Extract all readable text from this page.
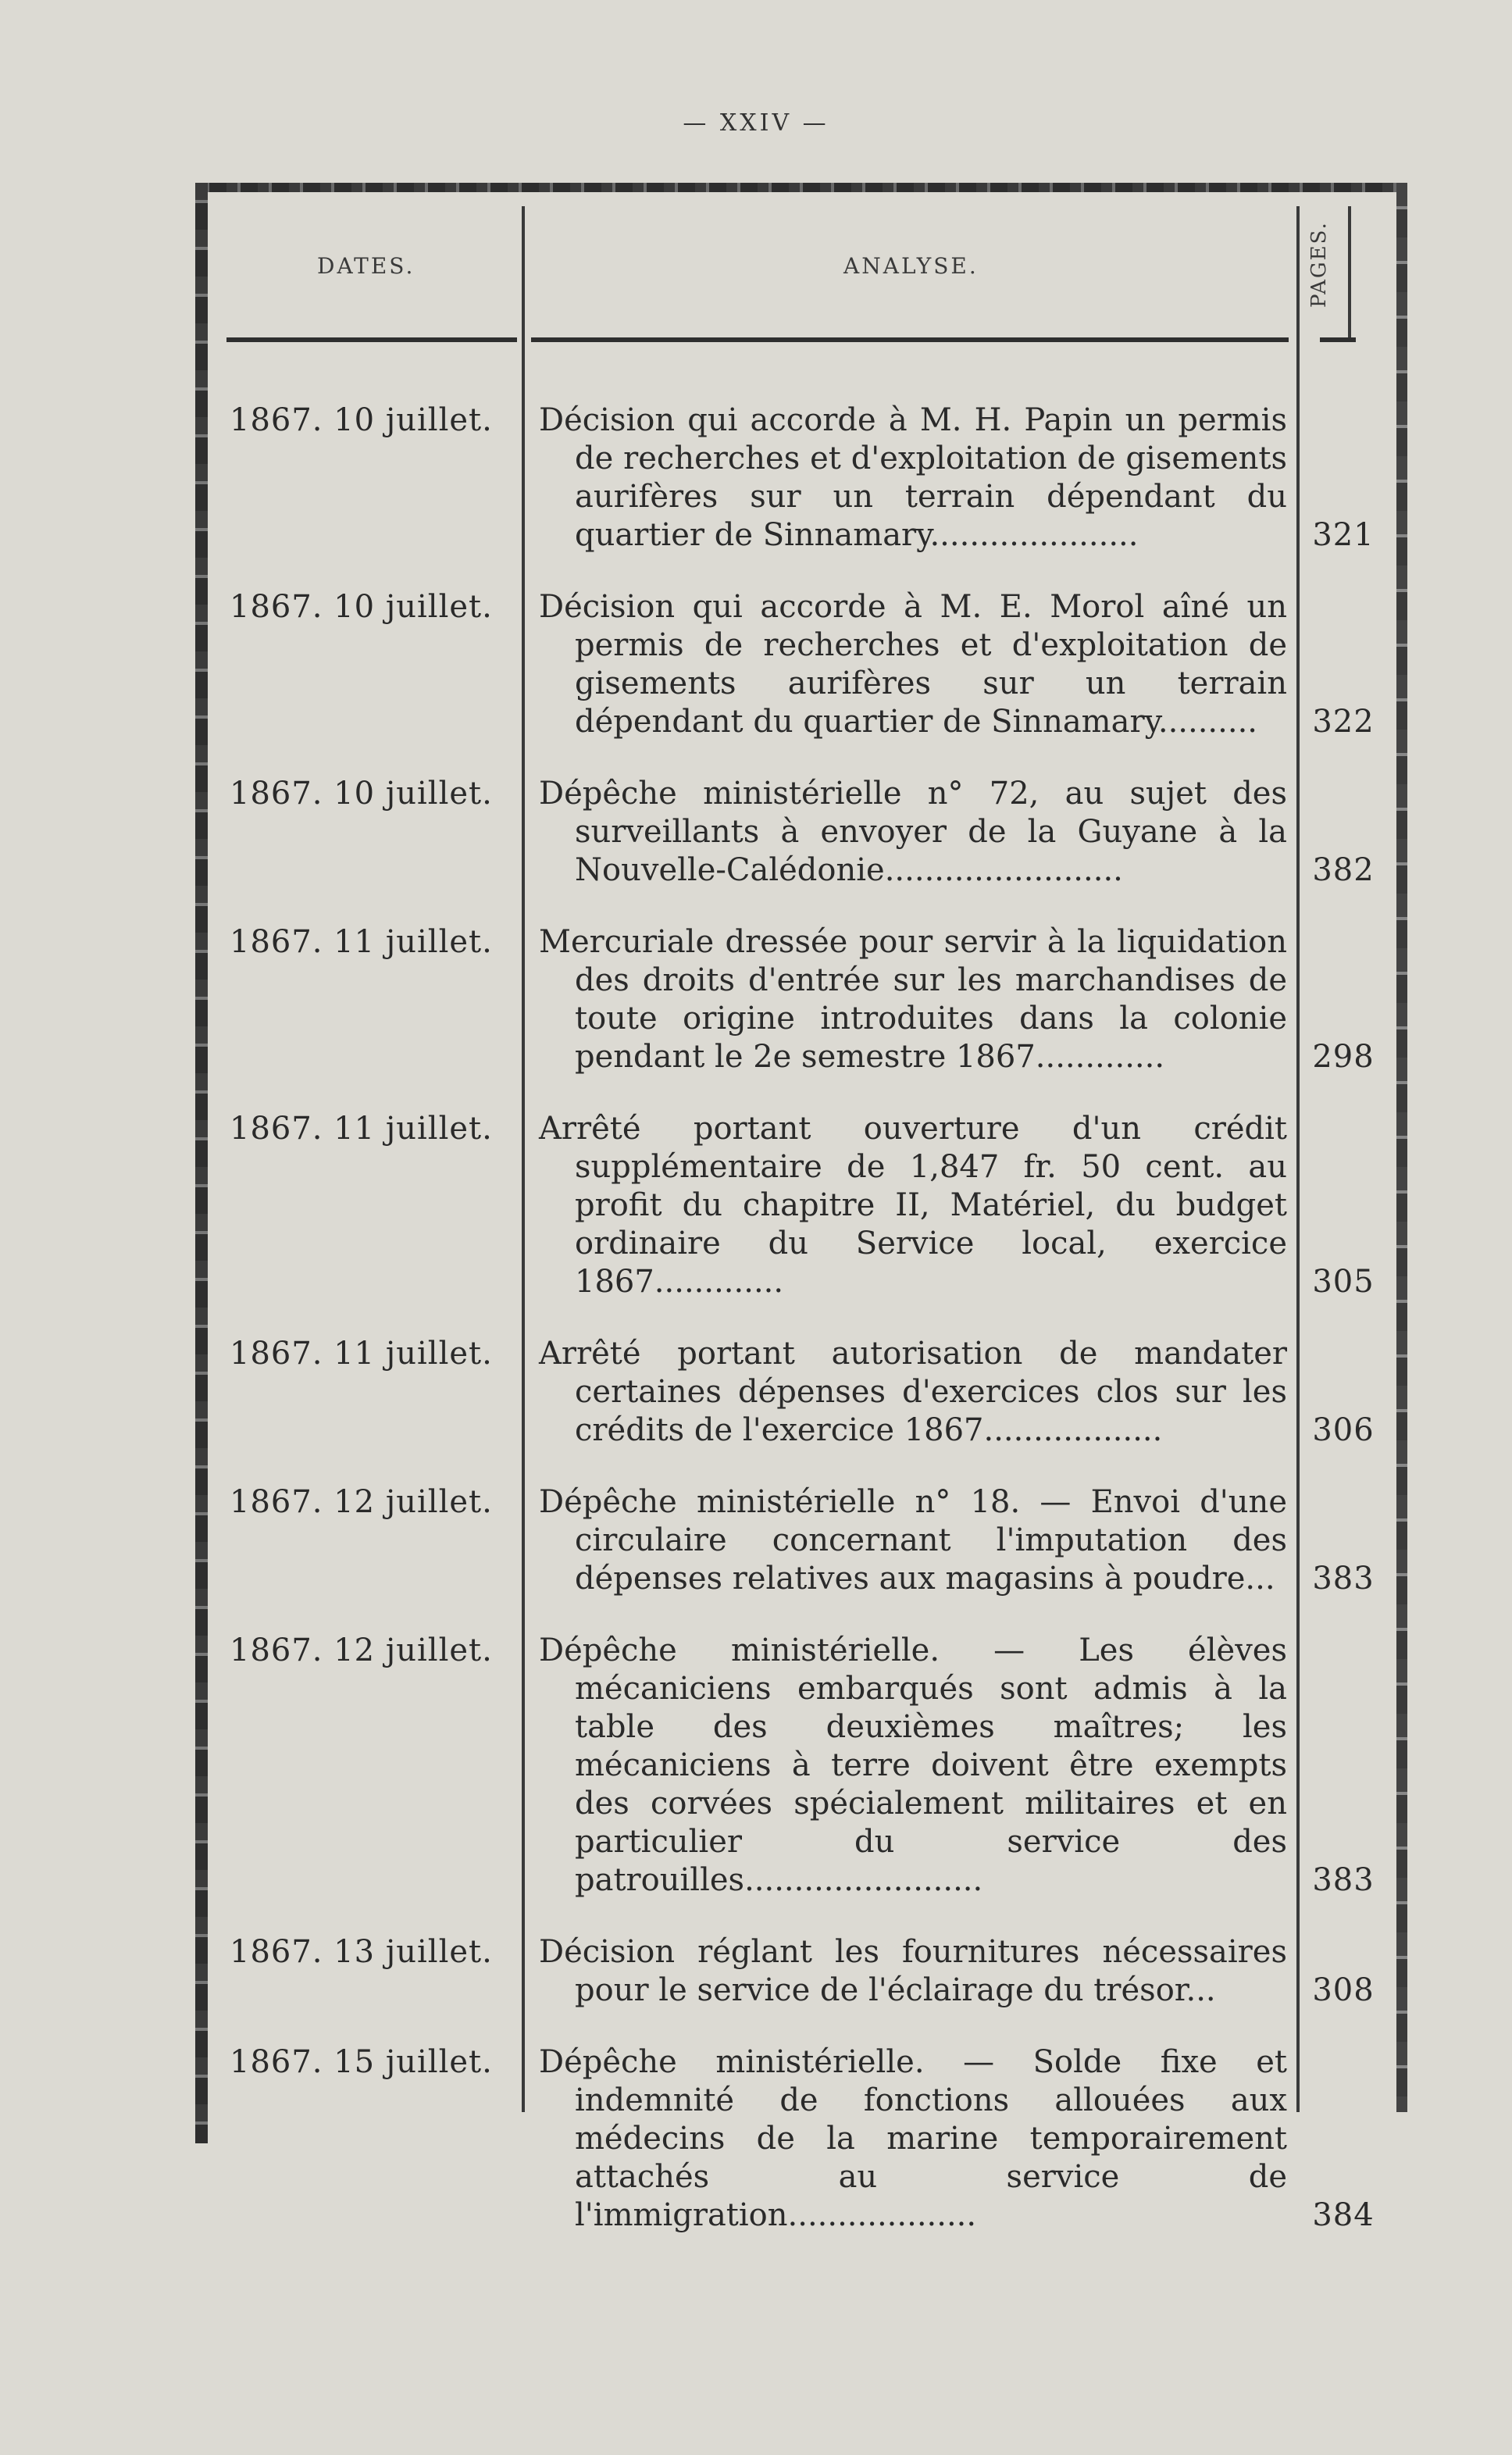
— XXIV —
DATES.	ANALYSE.	PAGES.
1867. 10 juillet.	Décision qui accorde à M. H. Papin un permis de recherches et d'exploitation de gisements aurifères sur un terrain dépendant du quartier de Sinnamary.....................	321
1867. 10 juillet.	Décision qui accorde à M. E. Morol aîné un permis de recherches et d'exploitation de gisements aurifères sur un terrain dépendant du quartier de Sinnamary..........	322
1867. 10 juillet.	Dépêche ministérielle n° 72, au sujet des surveillants à envoyer de la Guyane à la Nouvelle-Calédonie........................	382
1867. 11 juillet.	Mercuriale dressée pour servir à la liquidation des droits d'entrée sur les marchandises de toute origine introduites dans la colonie pendant le 2e semestre 1867.............	298
1867. 11 juillet.	Arrêté portant ouverture d'un crédit supplémentaire de 1,847 fr. 50 cent. au profit du chapitre II, Matériel, du budget ordinaire du Service local, exercice 1867.............	305
1867. 11 juillet.	Arrêté portant autorisation de mandater certaines dépenses d'exercices clos sur les crédits de l'exercice 1867..................	306
1867. 12 juillet.	Dépêche ministérielle n° 18. — Envoi d'une circulaire concernant l'imputation des dépenses relatives aux magasins à poudre...	383
1867. 12 juillet.	Dépêche ministérielle. — Les élèves mécaniciens embarqués sont admis à la table des deuxièmes maîtres; les mécaniciens à terre doivent être exempts des corvées spécialement militaires et en particulier du service des patrouilles........................	383
1867. 13 juillet.	Décision réglant les fournitures nécessaires pour le service de l'éclairage du trésor...	308
1867. 15 juillet.	Dépêche ministérielle. — Solde fixe et indemnité de fonctions allouées aux médecins de la marine temporairement attachés au service de l'immigration...................	384
